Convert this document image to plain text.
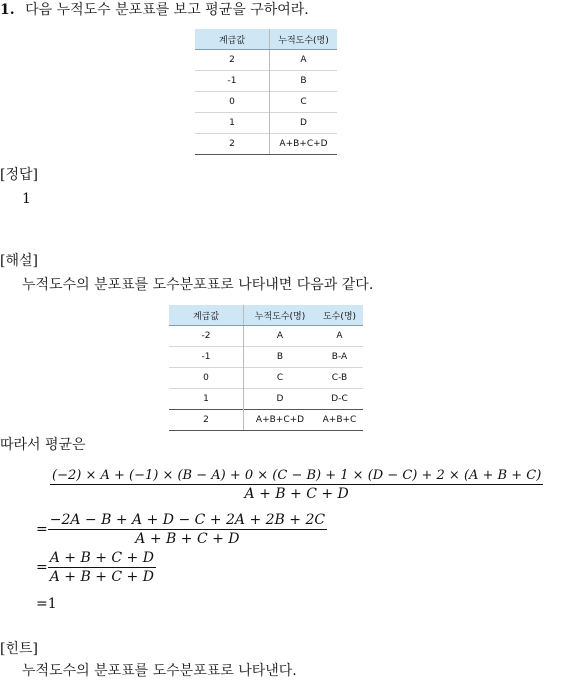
1. 다음 누적도수 분포표를 보고 평균을 구하여라.
계급값	누적도수(명)
2	A
-1	B
0	C
1	D
2	A+B+C+D
[정답]
1
[해설]
누적도수의 분포표를 도수분포표로 나타내면 다음과 같다.
계급값	누적도수(명)	도수(명)
-2	A	A
-1	B	B-A
0	C	C-B
1	D	D-C
2	A+B+C+D	A+B+C
따라서 평균은
(−2) × A + (−1) × (B − A) + 0 × (C − B) + 1 × (D − C) + 2 × (A + B + C)
A + B + C + D
= $\frac{-2A - B + A + D - C + 2A + 2B + 2C}{A + B + C + D}$
= $\frac{A + B + C + D}{A + B + C + D}$
=1
[힌트]
누적도수의 분포표를 도수분포표로 나타낸다.
